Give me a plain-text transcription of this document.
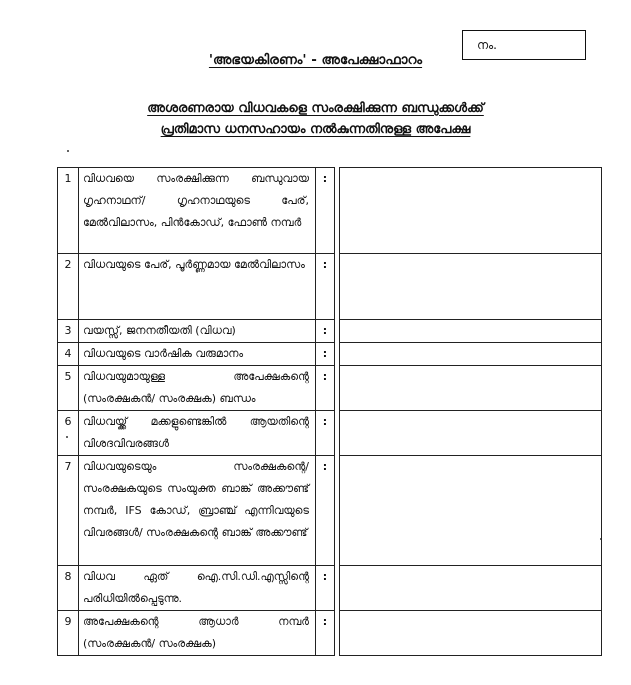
നം.
'അഭയകിരണം' - അപേക്ഷാഫാറം
അശരണരായ വിധവകളെ സംരക്ഷിക്കുന്ന ബന്ധുക്കൾക്ക്
പ്രതിമാസ ധനസഹായം നൽകുന്നതിനുള്ള അപേക്ഷ
1	വിധവയെ സംരക്ഷിക്കുന്ന ബന്ധുവായ ഗൃഹനാഥന്/ ഗൃഹനാഥയുടെ പേര്, മേൽവിലാസം, പിൻകോഡ്, ഫോൺ നമ്പർ	:		
2	വിധവയുടെ പേര്, പൂർണ്ണമായ മേൽവിലാസം	:		
3	വയസ്സ്, ജനനതീയതി (വിധവ)	:		
4	വിധവയുടെ വാർഷിക വരുമാനം	:		
5	വിധവയുമായുള്ള അപേക്ഷകന്റെ (സംരക്ഷകൻ/ സംരക്ഷക) ബന്ധം	:		
6	വിധവയ്ക്ക് മക്കളുണ്ടെങ്കിൽ ആയതിന്റെ വിശദവിവരങ്ങൾ	:		
7	വിധവയുടെയും സംരക്ഷകന്റെ/ സംരക്ഷകയുടെ സംയുക്ത ബാങ്ക് അക്കൗണ്ട് നമ്പർ, IFS കോഡ്, ബ്രാഞ്ച് എന്നിവയുടെ വിവരങ്ങൾ/ സംരക്ഷകന്റെ ബാങ്ക് അക്കൗണ്ട്	:		
8	വിധവ ഏത് ഐ.സി.ഡി.എസ്സിന്റെ പരിധിയിൽപ്പെടുന്നു.	:		
9	അപേക്ഷകന്റെ ആധാർ നമ്പർ (സംരക്ഷകൻ/ സംരക്ഷക)	:		
